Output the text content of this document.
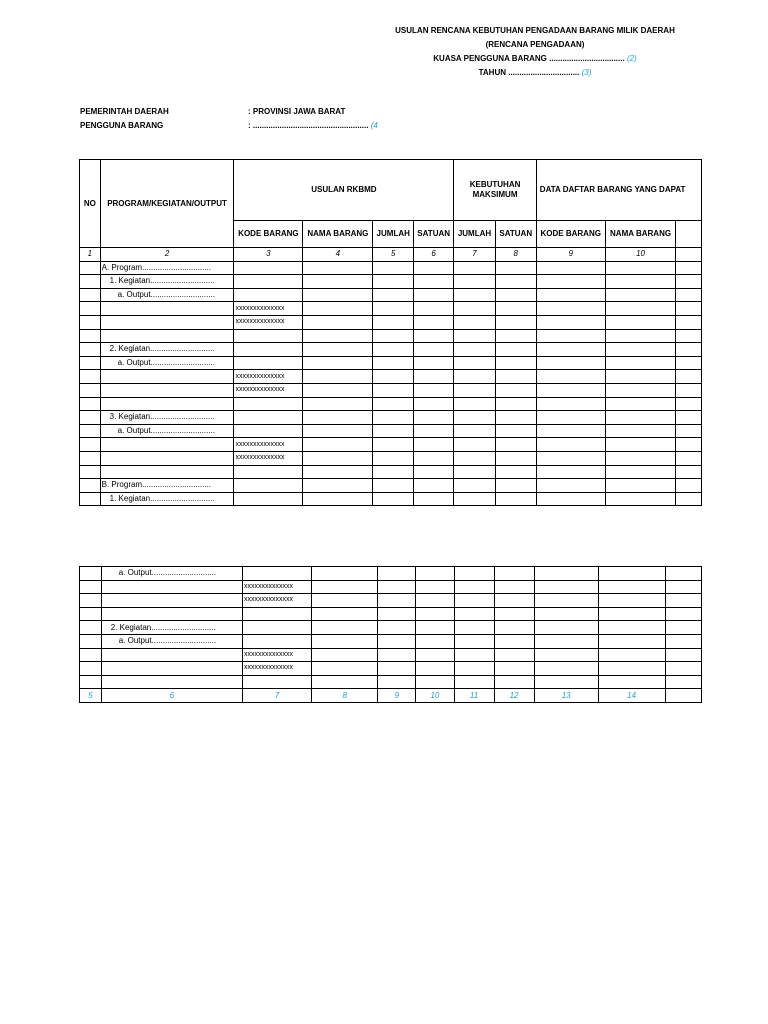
USULAN RENCANA KEBUTUHAN PENGADAAN BARANG MILIK DAERAH
(RENCANA PENGADAAN)
KUASA PENGGUNA BARANG .................................. (2)
TAHUN ................................ (3)
PEMERINTAH DAERAH	: PROVINSI JAWA BARAT
PENGGUNA BARANG	: .................................................... (4
NO	PROGRAM/KEGIATAN/OUTPUT	USULAN RKBMD				KEBUTUHAN MAKSIMUM		DATA DAFTAR BARANG YANG DAPAT		
		KODE BARANG	NAMA BARANG	JUMLAH	SATUAN	JUMLAH	SATUAN	KODE BARANG	NAMA BARANG	
1	2	3	4	5	6	7	8	9	10	
	A. Program...............................									
	1. Kegiatan.............................									
	a. Output.............................									
		xxxxxxxxxxxxxx								
		xxxxxxxxxxxxxx								

	2. Kegiatan.............................									
	a. Output.............................									
		xxxxxxxxxxxxxx								
		xxxxxxxxxxxxxx								

	3. Kegiatan.............................									
	a. Output.............................									
		xxxxxxxxxxxxxx								
		xxxxxxxxxxxxxx								

	B. Program...............................									
	1. Kegiatan.............................									
	a. Output.............................									
		xxxxxxxxxxxxxx								
		xxxxxxxxxxxxxx								

	2. Kegiatan.............................									
	a. Output.............................									
		xxxxxxxxxxxxxx								
		xxxxxxxxxxxxxx								

5	6	7	8	9	10	11	12	13	14	
